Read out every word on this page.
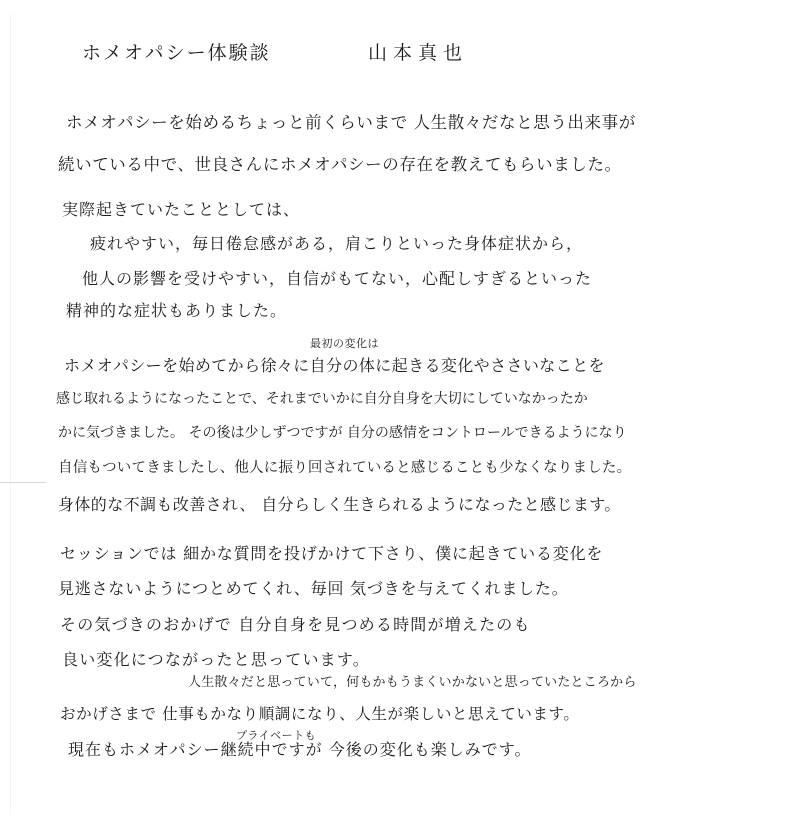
ホメオパシー体験談	山本真也
ホメオパシーを始めるちょっと前くらいまで 人生散々だなと思う出来事が
続いている中で、世良さんにホメオパシーの存在を教えてもらいました。
実際起きていたこととしては、
疲れやすい，毎日倦怠感がある，肩こりといった身体症状から，
他人の影響を受けやすい，自信がもてない，心配しすぎるといった
精神的な症状もありました。
最初の変化は
ホメオパシーを始めてから徐々に自分の体に起きる変化やささいなことを
感じ取れるようになったことで、それまでいかに自分自身を大切にしていなかったか
かに気づきました。 その後は少しずつですが 自分の感情をコントロールできるようになり
自信もついてきましたし、他人に振り回されていると感じることも少なくなりました。
身体的な不調も改善され、 自分らしく生きられるようになったと感じます。
セッションでは 細かな質問を投げかけて下さり、僕に起きている変化を
見逃さないようにつとめてくれ、毎回 気づきを与えてくれました。
その気づきのおかげで 自分自身を見つめる時間が増えたのも
良い変化につながったと思っています。
人生散々だと思っていて，何もかもうまくいかないと思っていたところから
おかげさまで 仕事もかなり順調になり、人生が楽しいと思えています。
プライベートも
現在もホメオパシー継続中ですが 今後の変化も楽しみです。
